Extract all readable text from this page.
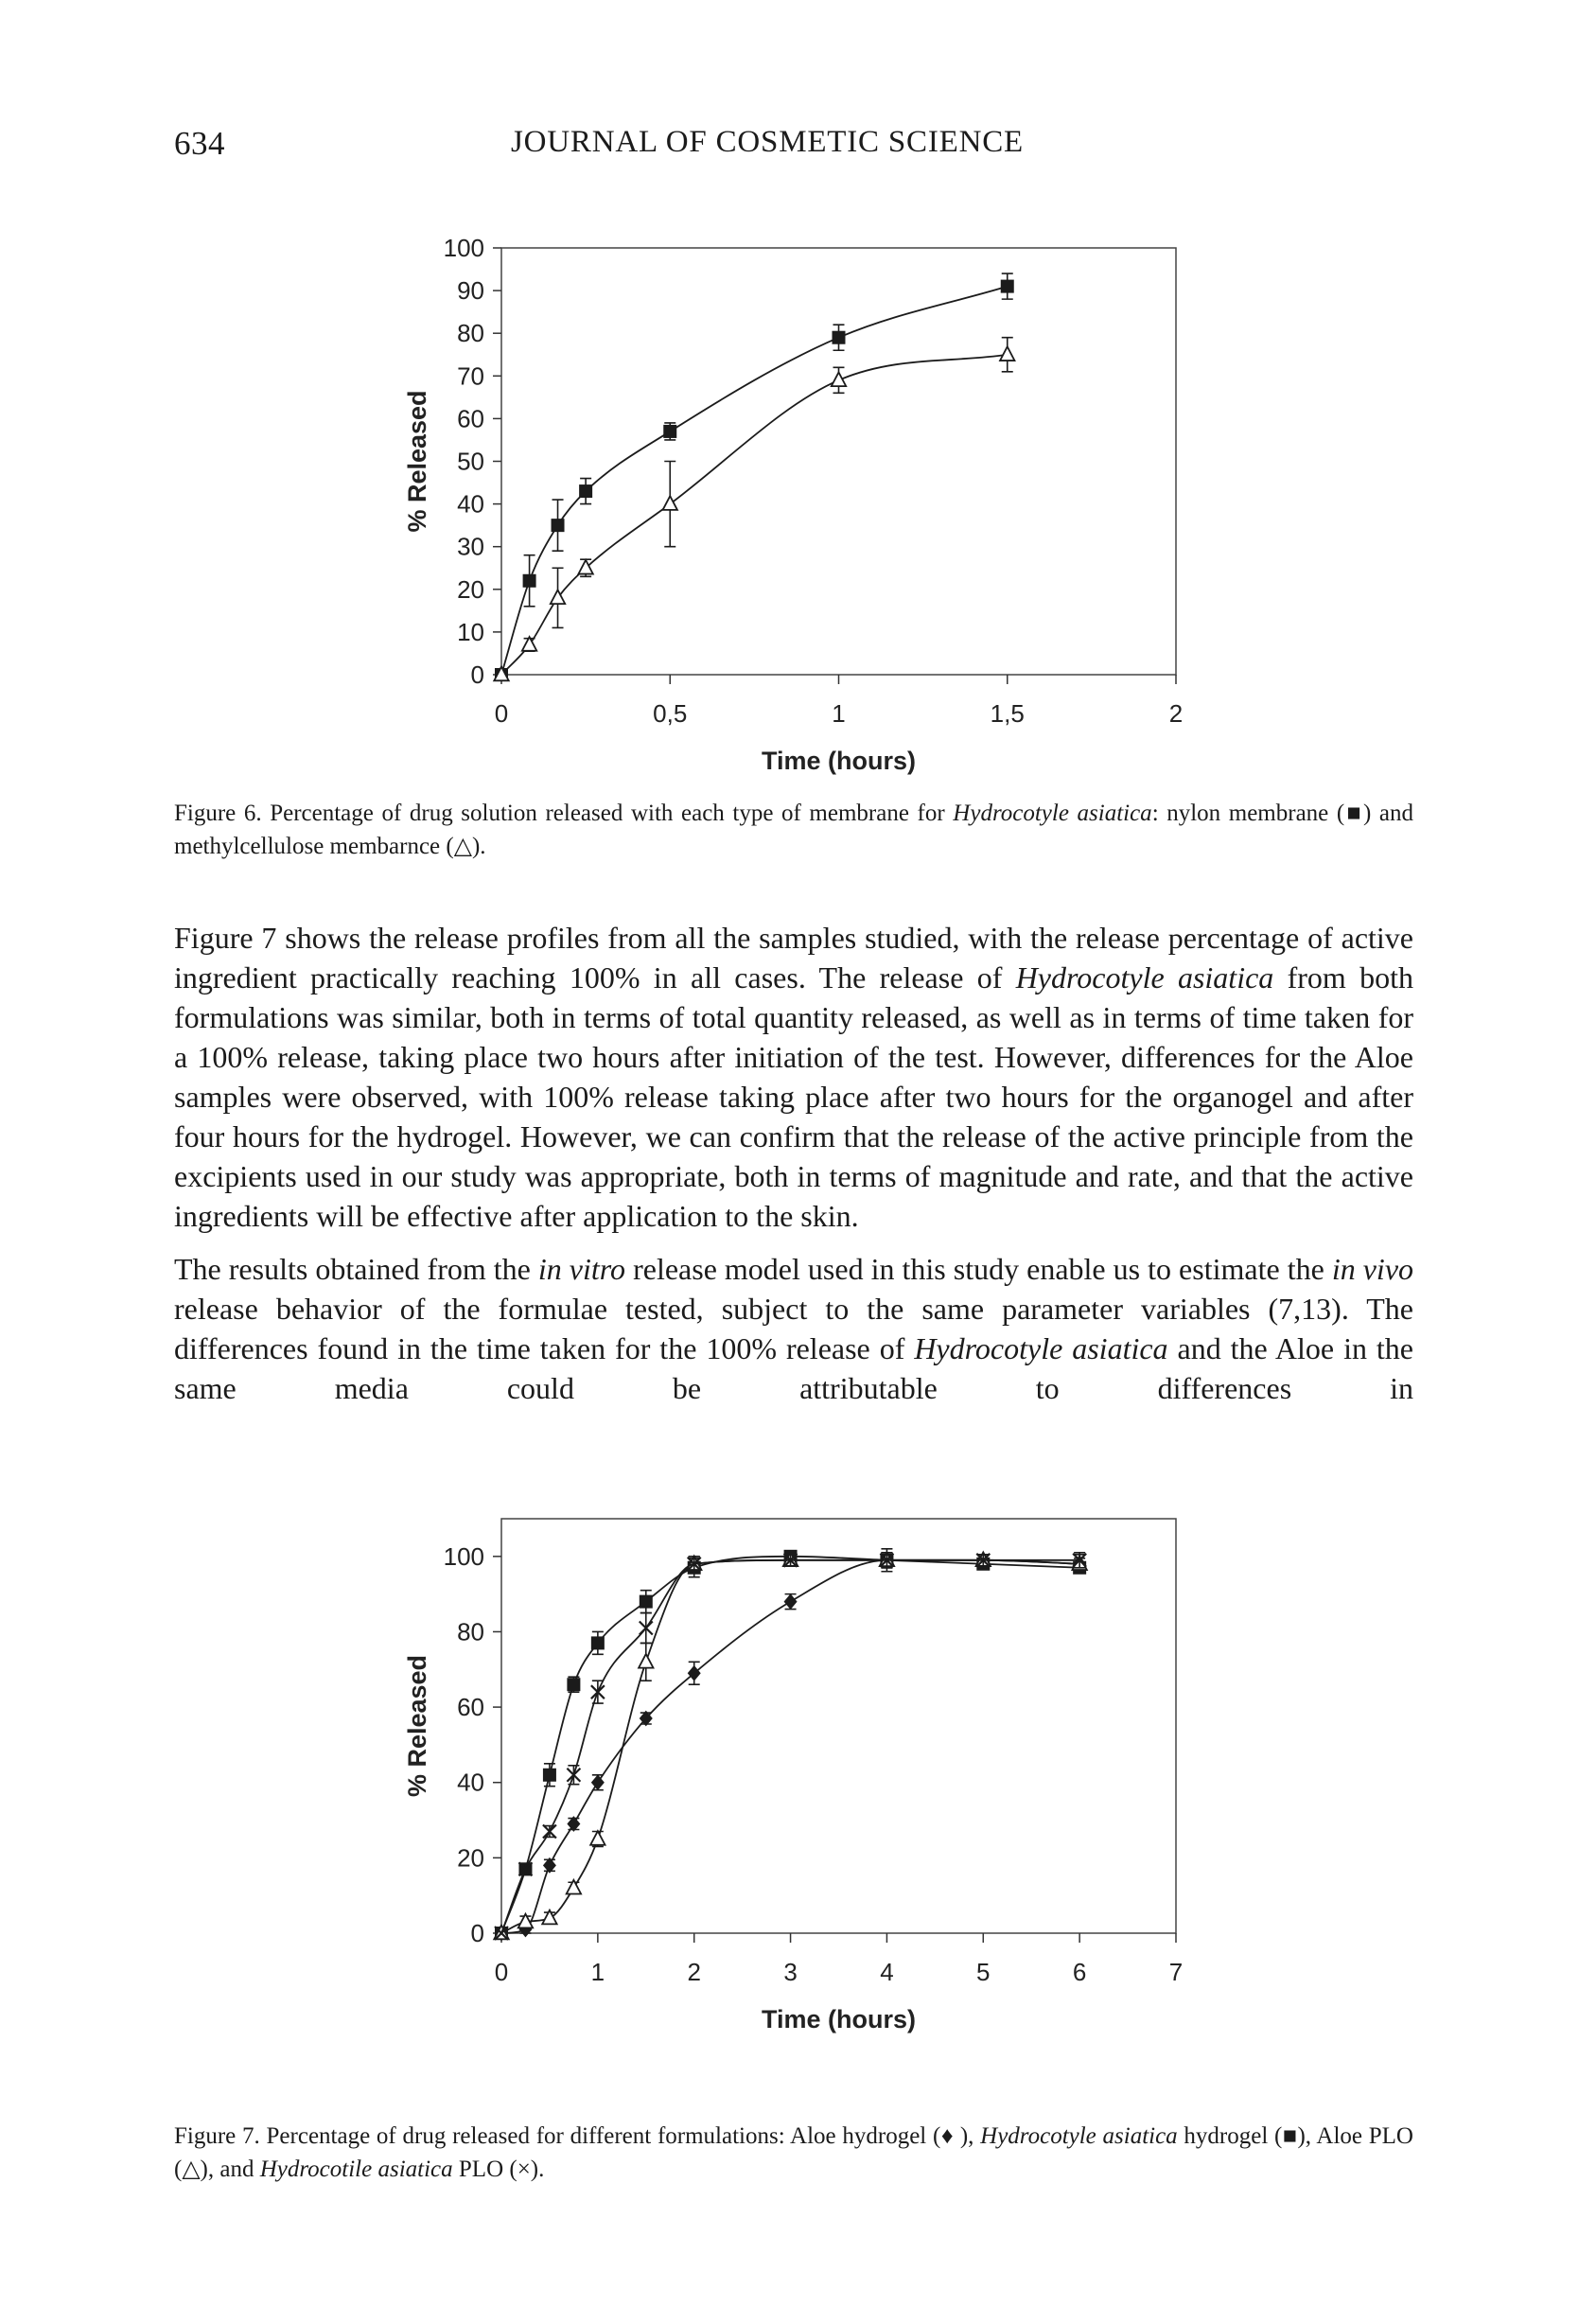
634	JOURNAL OF COSMETIC SCIENCE
0
10
20
30
40
50
60
70
80
90
100
0	0,5	1	1,5	2
Time (hours)
% Released
Figure 6. Percentage of drug solution released with each type of membrane for Hydrocotyle asiatica: nylon membrane (■) and methylcellulose membarnce (△).

Figure 7 shows the release profiles from all the samples studied, with the release percentage of active ingredient practically reaching 100% in all cases. The release of Hydrocotyle asiatica from both formulations was similar, both in terms of total quantity released, as well as in terms of time taken for a 100% release, taking place two hours after initiation of the test. However, differences for the Aloe samples were observed, with 100% release taking place after two hours for the organogel and after four hours for the hydrogel. However, we can confirm that the release of the active principle from the excipients used in our study was appropriate, both in terms of magnitude and rate, and that the active ingredients will be effective after application to the skin.

The results obtained from the in vitro release model used in this study enable us to estimate the in vivo release behavior of the formulae tested, subject to the same parameter variables (7,13). The differences found in the time taken for the 100% release of Hydrocotyle asiatica and the Aloe in the same media could be attributable to differences in

0
20
40
60
80
100
0	1	2	3	4	5	6	7
Time (hours)
% Released
Figure 7. Percentage of drug released for different formulations: Aloe hydrogel (♦ ), Hydrocotyle asiatica hydrogel (■), Aloe PLO (△), and Hydrocotile asiatica PLO (×).
